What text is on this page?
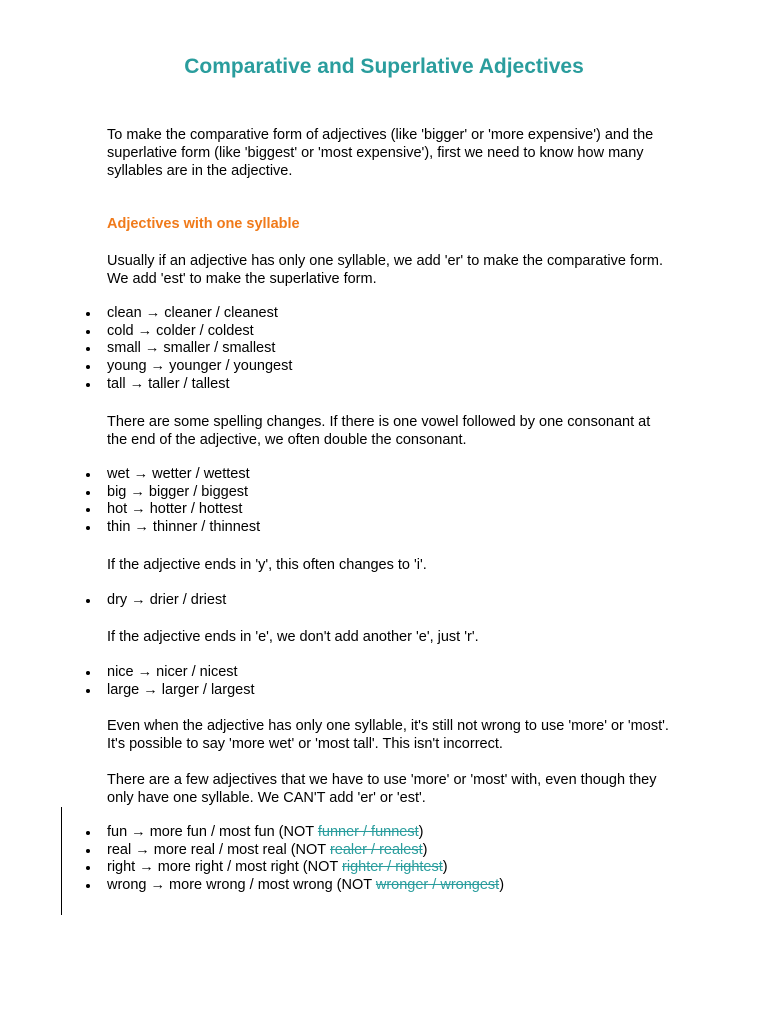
Comparative and Superlative Adjectives

To make the comparative form of adjectives (like 'bigger' or 'more expensive') and the superlative form (like 'biggest' or 'most expensive'), first we need to know how many syllables are in the adjective.

Adjectives with one syllable

Usually if an adjective has only one syllable, we add 'er' to make the comparative form. We add 'est' to make the superlative form.

clean → cleaner / cleanest
cold → colder / coldest
small → smaller / smallest
young → younger / youngest
tall → taller / tallest

There are some spelling changes. If there is one vowel followed by one consonant at the end of the adjective, we often double the consonant.

wet → wetter / wettest
big → bigger / biggest
hot → hotter / hottest
thin → thinner / thinnest

If the adjective ends in 'y', this often changes to 'i'.

dry → drier / driest

If the adjective ends in 'e', we don't add another 'e', just 'r'.

nice → nicer / nicest
large → larger / largest

Even when the adjective has only one syllable, it's still not wrong to use 'more' or 'most'. It's possible to say 'more wet' or 'most tall'. This isn't incorrect.

There are a few adjectives that we have to use 'more' or 'most' with, even though they only have one syllable. We CAN'T add 'er' or 'est'.

fun → more fun / most fun (NOT funner / funnest)
real → more real / most real (NOT realer / realest)
right → more right / most right (NOT righter / rightest)
wrong → more wrong / most wrong (NOT wronger / wrongest)
